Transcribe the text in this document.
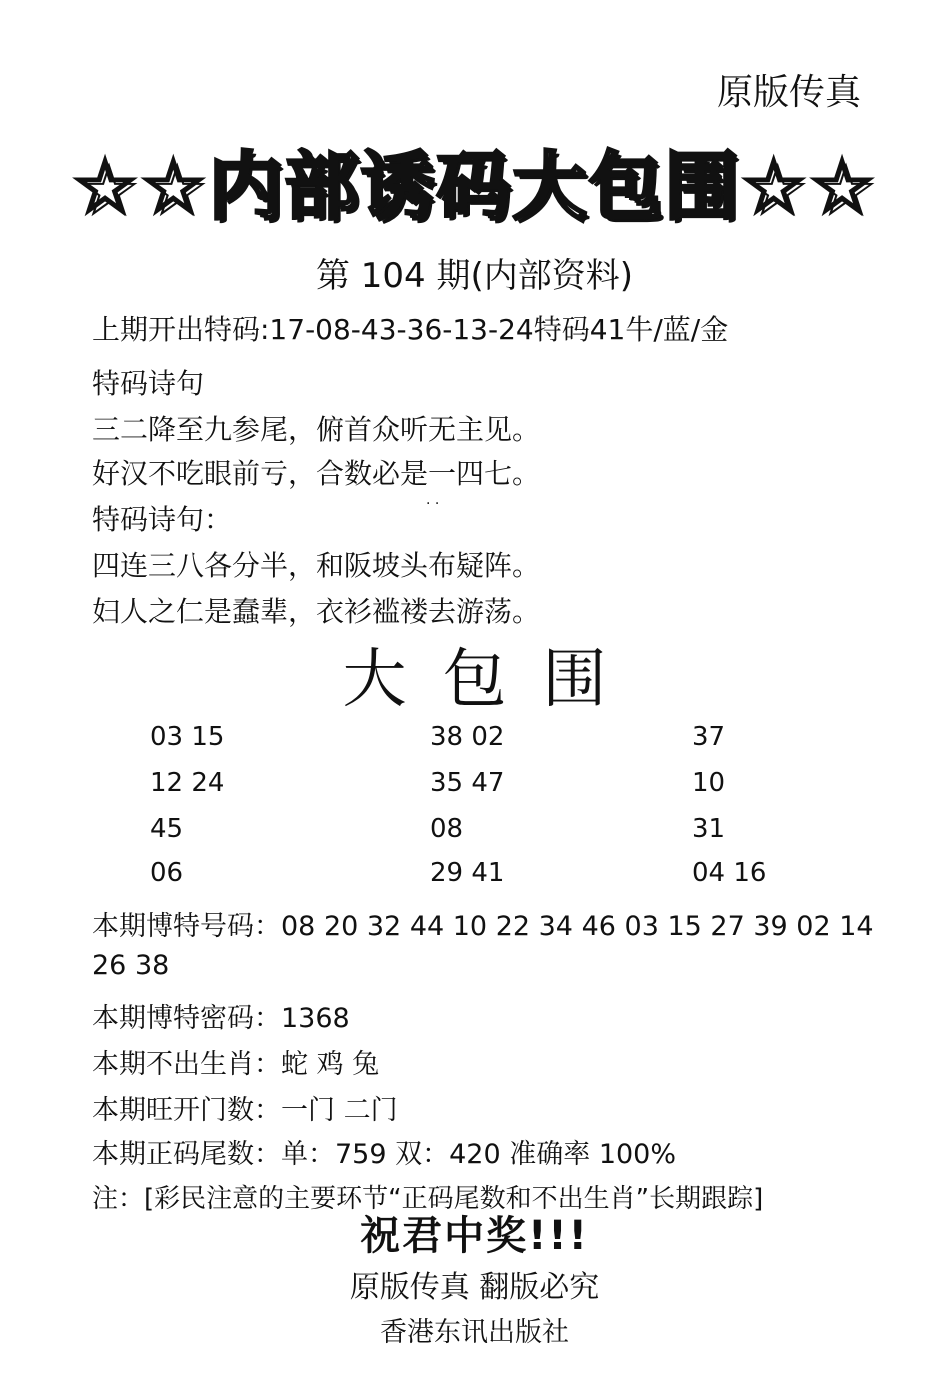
原版传真
☆☆内部诱码大包围☆☆
第 104 期(内部资料)
上期开出特码:17-08-43-36-13-24特码41牛/蓝/金
特码诗句
三二降至九参尾，俯首众听无主见。
好汉不吃眼前亏，合数必是一四七。
特码诗句：	· ·
四连三八各分半，和阪坡头布疑阵。
妇人之仁是蠢辈，衣衫褴褛去游荡。
大包围
03 15	38 02	37
12 24	35 47	10
45	08	31
06	29 41	04 16
本期博特号码：08 20 32 44 10 22 34 46 03 15 27 39 02 14
26 38
本期博特密码：1368
本期不出生肖：蛇 鸡 兔
本期旺开门数：一门 二门
本期正码尾数：单：759 双：420 准确率 100%
注：[彩民注意的主要环节“正码尾数和不出生肖”长期跟踪]
祝君中奖!!!
原版传真 翻版必究
香港东讯出版社
